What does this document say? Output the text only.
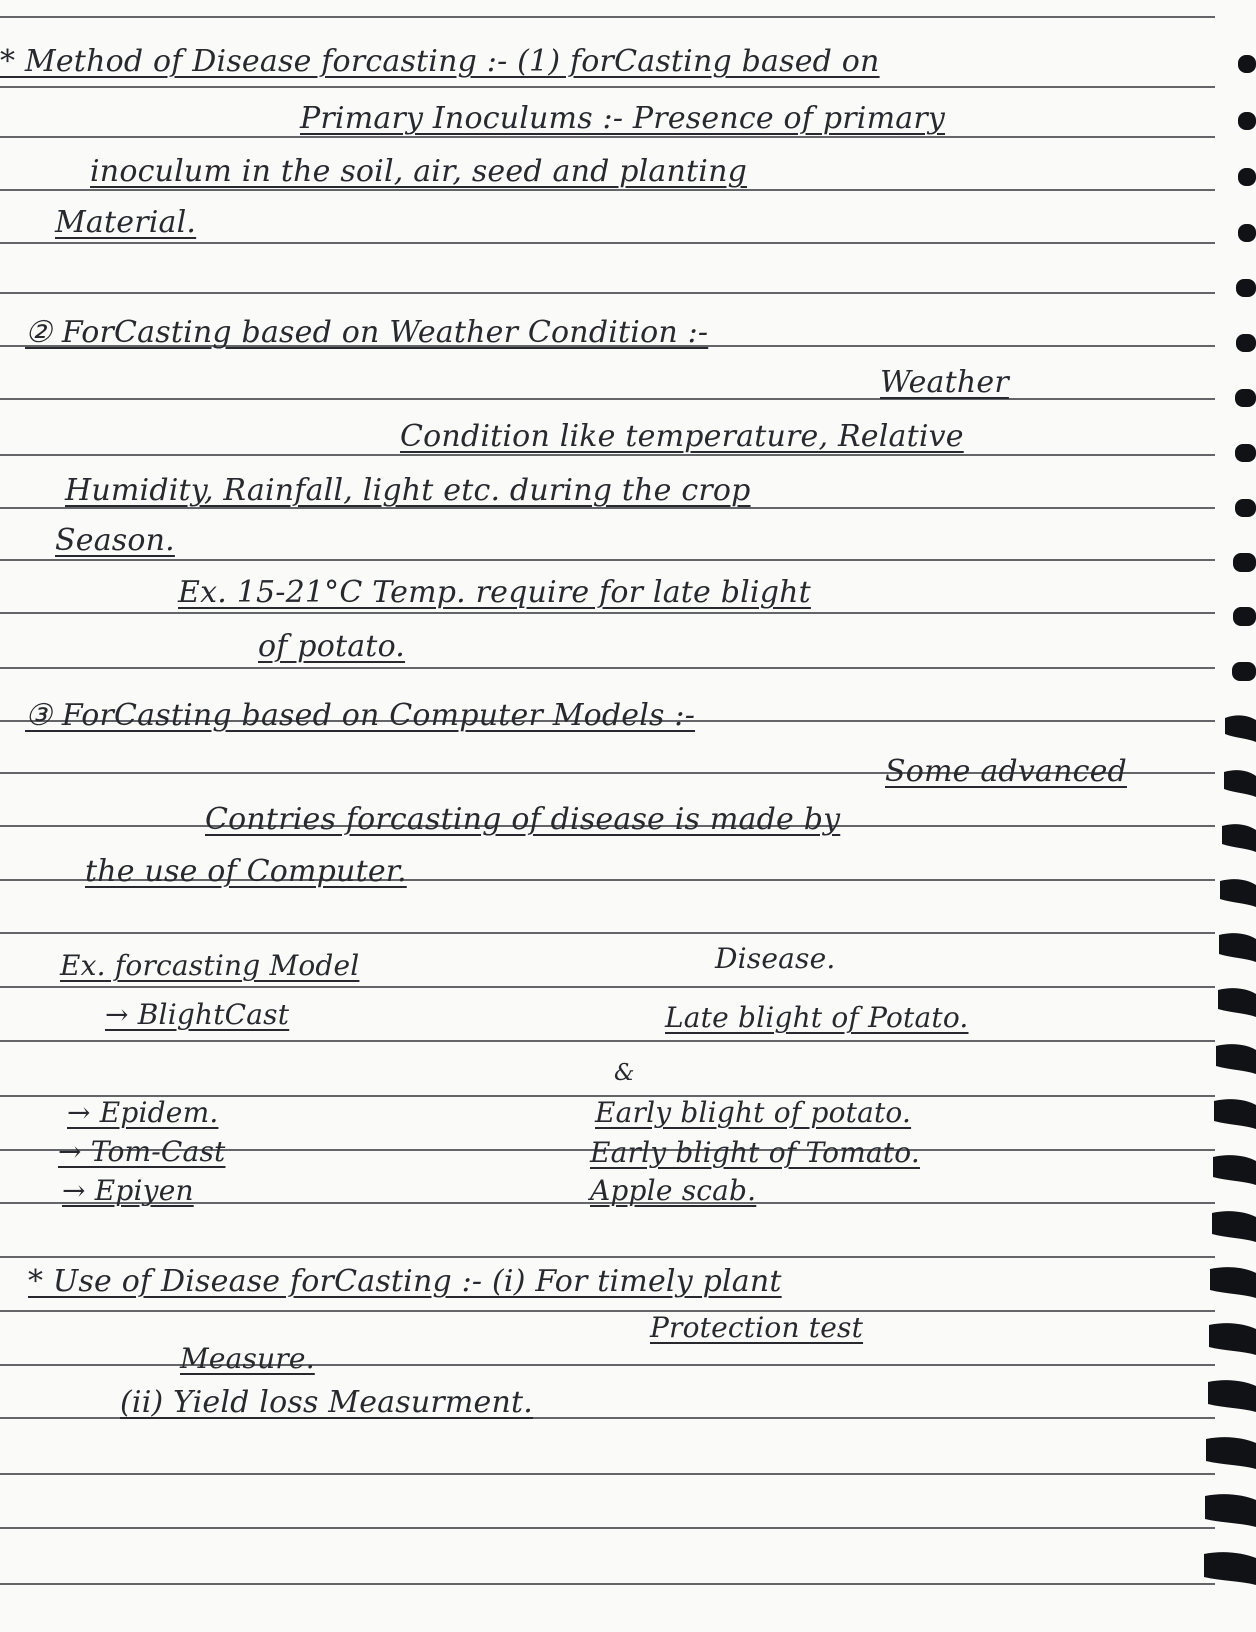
* Method of Disease forcasting :- (1) forCasting based on
Primary Inoculums :- Presence of primary
inoculum in the soil, air, seed and planting
Material.
② ForCasting based on Weather Condition :-
Weather
Condition like temperature, Relative
Humidity, Rainfall, light etc. during the crop
Season.
Ex. 15-21°C Temp. require for late blight
of potato.
③ ForCasting based on Computer Models :-
Some advanced
Contries forcasting of disease is made by
the use of Computer.
Ex. forcasting Model	Disease.
→ BlightCast	Late blight of Potato.
&
→ Epidem.	Early blight of potato.
→ Tom-Cast	Early blight of Tomato.
→ Epiyen	Apple scab.
* Use of Disease forCasting :- (i) For timely plant
Protection test
Measure.
(ii) Yield loss Measurment.
